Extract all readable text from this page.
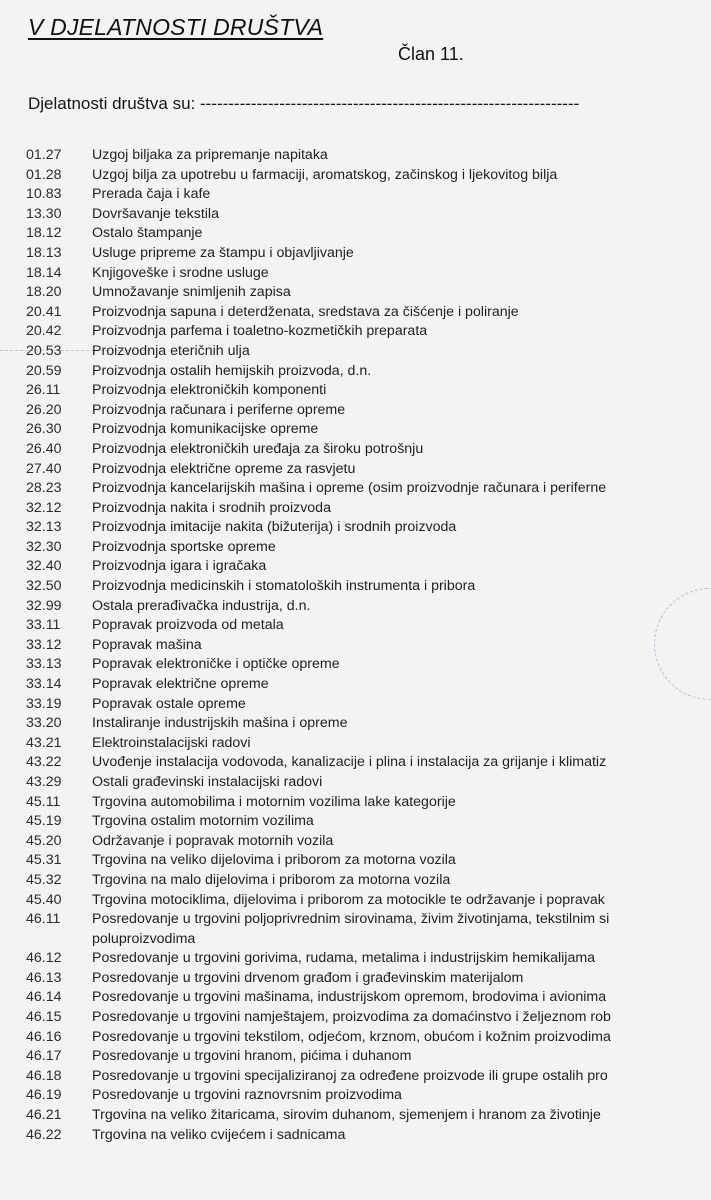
V DJELATNOSTI DRUŠTVA
Član 11.
Djelatnosti društva su: -------------------------------------------------------------------
01.27	Uzgoj biljaka za pripremanje napitaka
01.28	Uzgoj bilja za upotrebu u farmaciji, aromatskog, začinskog i ljekovitog bilja
10.83	Prerada čaja i kafe
13.30	Dovršavanje tekstila
18.12	Ostalo štampanje
18.13	Usluge pripreme za štampu i objavljivanje
18.14	Knjigoveške i srodne usluge
18.20	Umnožavanje snimljenih zapisa
20.41	Proizvodnja sapuna i deterdženata, sredstava za čišćenje i poliranje
20.42	Proizvodnja parfema i toaletno-kozmetičkih preparata
20.53	Proizvodnja eteričnih ulja
20.59	Proizvodnja ostalih hemijskih proizvoda, d.n.
26.11	Proizvodnja elektroničkih komponenti
26.20	Proizvodnja računara i periferne opreme
26.30	Proizvodnja komunikacijske opreme
26.40	Proizvodnja elektroničkih uređaja za široku potrošnju
27.40	Proizvodnja električne opreme za rasvjetu
28.23	Proizvodnja kancelarijskih mašina i opreme (osim proizvodnje računara i periferne
32.12	Proizvodnja nakita i srodnih proizvoda
32.13	Proizvodnja imitacije nakita (bižuterija) i srodnih proizvoda
32.30	Proizvodnja sportske opreme
32.40	Proizvodnja igara i igračaka
32.50	Proizvodnja medicinskih i stomatoloških instrumenta i pribora
32.99	Ostala prerađivačka industrija, d.n.
33.11	Popravak proizvoda od metala
33.12	Popravak mašina
33.13	Popravak elektroničke i optičke opreme
33.14	Popravak električne opreme
33.19	Popravak ostale opreme
33.20	Instaliranje industrijskih mašina i opreme
43.21	Elektroinstalacijski radovi
43.22	Uvođenje instalacija vodovoda, kanalizacije i plina i instalacija za grijanje i klimatiz
43.29	Ostali građevinski instalacijski radovi
45.11	Trgovina automobilima i motornim vozilima lake kategorije
45.19	Trgovina ostalim motornim vozilima
45.20	Održavanje i popravak motornih vozila
45.31	Trgovina na veliko dijelovima i priborom za motorna vozila
45.32	Trgovina na malo dijelovima i priborom za motorna vozila
45.40	Trgovina motociklima, dijelovima i priborom za motocikle te održavanje i popravak
46.11	Posredovanje u trgovini poljoprivrednim sirovinama, živim životinjama, tekstilnim si
poluproizvodima
46.12	Posredovanje u trgovini gorivima, rudama, metalima i industrijskim hemikalijama
46.13	Posredovanje u trgovini drvenom građom i građevinskim materijalom
46.14	Posredovanje u trgovini mašinama, industrijskom opremom, brodovima i avionima
46.15	Posredovanje u trgovini namještajem, proizvodima za domaćinstvo i željeznom rob
46.16	Posredovanje u trgovini tekstilom, odjećom, krznom, obućom i kožnim proizvodima
46.17	Posredovanje u trgovini hranom, pićima i duhanom
46.18	Posredovanje u trgovini specijaliziranoj za određene proizvode ili grupe ostalih pro
46.19	Posredovanje u trgovini raznovrsnim proizvodima
46.21	Trgovina na veliko žitaricama, sirovim duhanom, sjemenjem i hranom za životinje
46.22	Trgovina na veliko cvijećem i sadnicama
